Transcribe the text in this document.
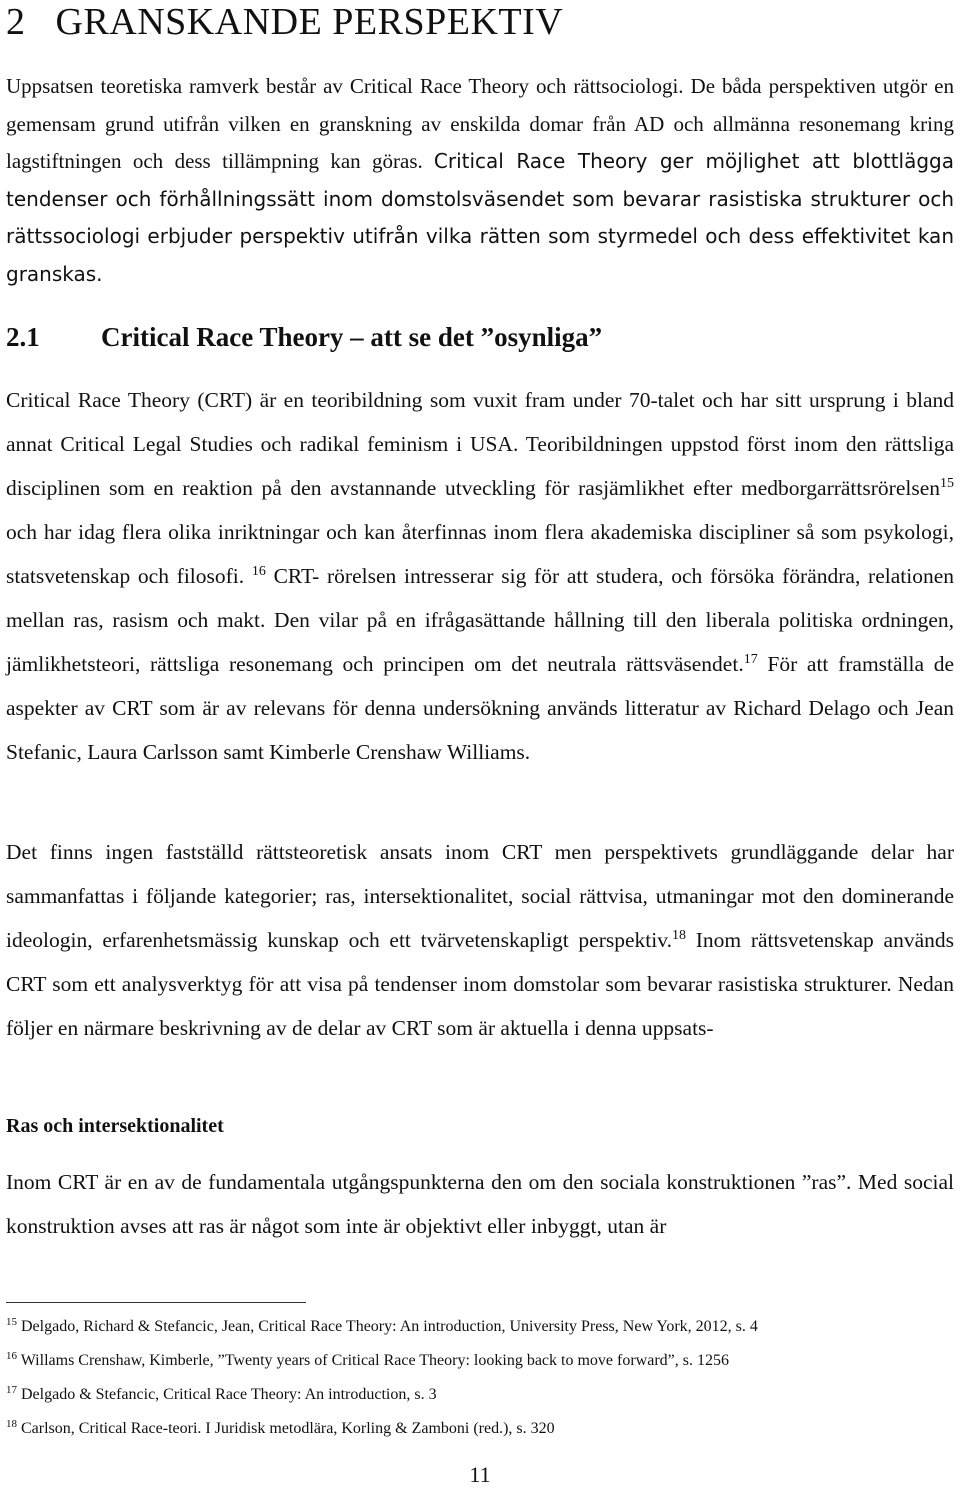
2 GRANSKANDE PERSPEKTIV

Uppsatsen teoretiska ramverk består av Critical Race Theory och rättsociologi. De båda perspektiven utgör en gemensam grund utifrån vilken en granskning av enskilda domar från AD och allmänna resonemang kring lagstiftningen och dess tillämpning kan göras. Critical Race Theory ger möjlighet att blottlägga tendenser och förhållningssätt inom domstolsväsendet som bevarar rasistiska strukturer och rättssociologi erbjuder perspektiv utifrån vilka rätten som styrmedel och dess effektivitet kan granskas.

2.1 Critical Race Theory – att se det ”osynliga”

Critical Race Theory (CRT) är en teoribildning som vuxit fram under 70-talet och har sitt ursprung i bland annat Critical Legal Studies och radikal feminism i USA. Teoribildningen uppstod först inom den rättsliga disciplinen som en reaktion på den avstannande utveckling för rasjämlikhet efter medborgarrättsrörelsen$^{15}$ och har idag flera olika inriktningar och kan återfinnas inom flera akademiska discipliner så som psykologi, statsvetenskap och filosofi. $^{16}$ CRT- rörelsen intresserar sig för att studera, och försöka förändra, relationen mellan ras, rasism och makt. Den vilar på en ifrågasättande hållning till den liberala politiska ordningen, jämlikhetsteori, rättsliga resonemang och principen om det neutrala rättsväsendet.$^{17}$ För att framställa de aspekter av CRT som är av relevans för denna undersökning används litteratur av Richard Delago och Jean Stefanic, Laura Carlsson samt Kimberle Crenshaw Williams.

Det finns ingen fastställd rättsteoretisk ansats inom CRT men perspektivets grundläggande delar har sammanfattas i följande kategorier; ras, intersektionalitet, social rättvisa, utmaningar mot den dominerande ideologin, erfarenhetsmässig kunskap och ett tvärvetenskapligt perspektiv.$^{18}$ Inom rättsvetenskap används CRT som ett analysverktyg för att visa på tendenser inom domstolar som bevarar rasistiska strukturer. Nedan följer en närmare beskrivning av de delar av CRT som är aktuella i denna uppsats-

Ras och intersektionalitet

Inom CRT är en av de fundamentala utgångspunkterna den om den sociala konstruktionen ”ras”. Med social konstruktion avses att ras är något som inte är objektivt eller inbyggt, utan är

$^{15}$ Delgado, Richard & Stefancic, Jean, Critical Race Theory: An introduction, University Press, New York, 2012, s. 4

$^{16}$ Willams Crenshaw, Kimberle, ”Twenty years of Critical Race Theory: looking back to move forward”, s. 1256

$^{17}$ Delgado & Stefancic, Critical Race Theory: An introduction, s. 3

$^{18}$ Carlson, Critical Race-teori. I Juridisk metodlära, Korling & Zamboni (red.), s. 320

11
